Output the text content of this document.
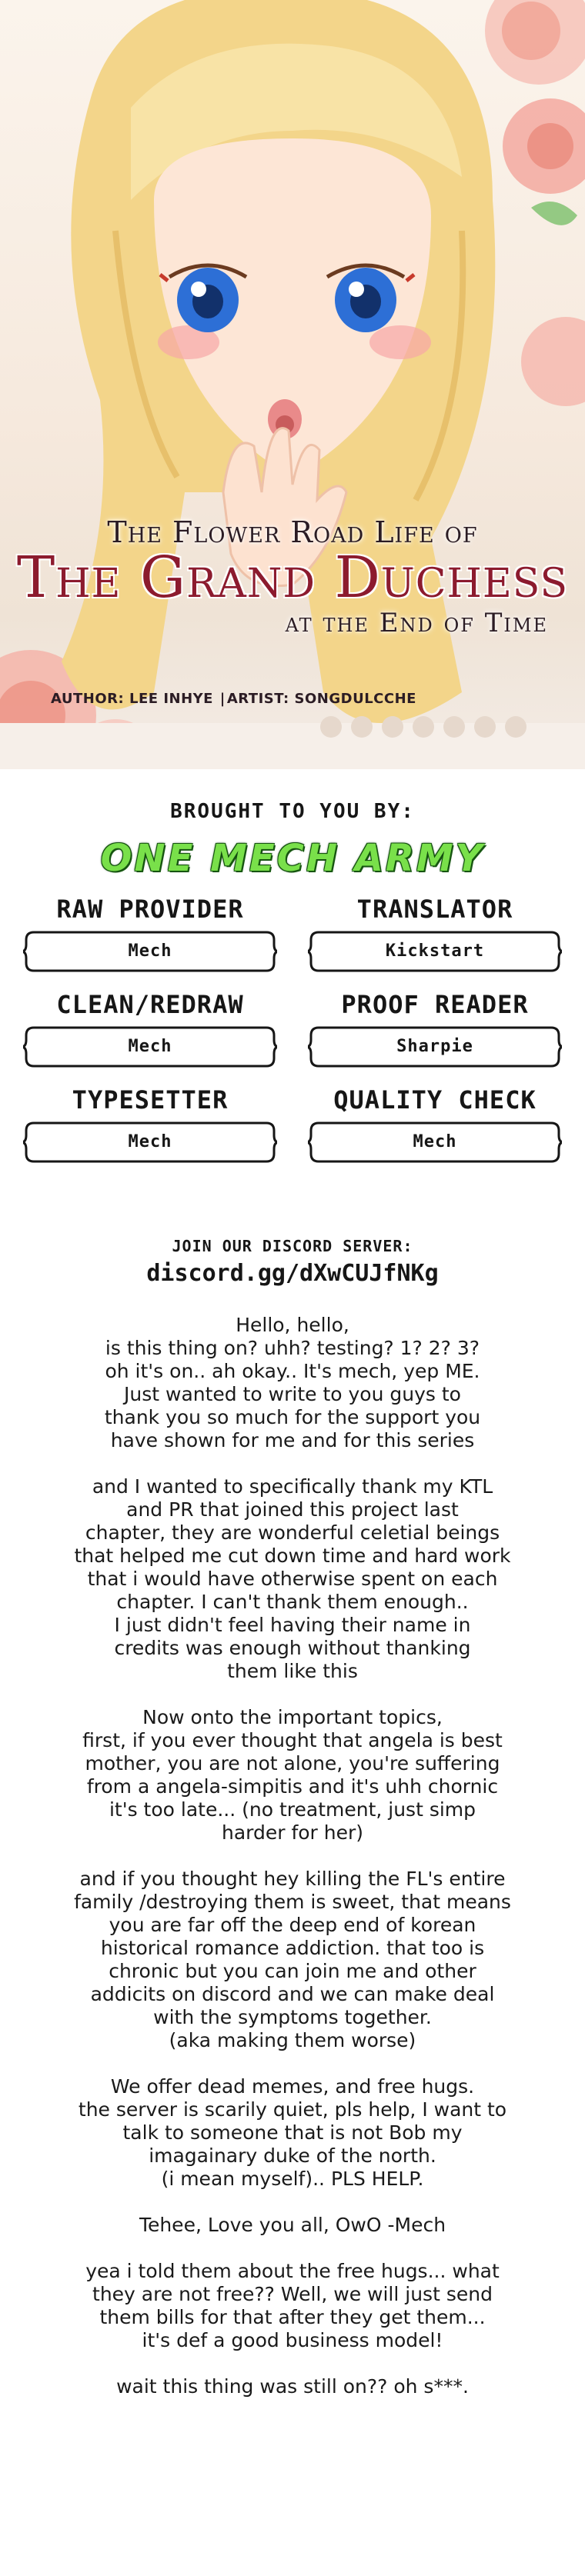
The Flower Road Life of
The Grand Duchess
at the End of Time
AUTHOR: LEE INHYE | ARTIST: SONGDULCCHE
BROUGHT TO YOU BY:
ONE MECH ARMY
RAW PROVIDER
Mech
TRANSLATOR
Kickstart
CLEAN/REDRAW
Mech
PROOF READER
Sharpie
TYPESETTER
Mech
QUALITY CHECK
Mech
JOIN OUR DISCORD SERVER:
discord.gg/dXwCUJfNKg

Hello, hello,
is this thing on? uhh? testing? 1? 2? 3?
oh it's on.. ah okay.. It's mech, yep ME.
Just wanted to write to you guys to
thank you so much for the support you
have shown for me and for this series

and I wanted to specifically thank my KTL
and PR that joined this project last
chapter, they are wonderful celetial beings
that helped me cut down time and hard work
that i would have otherwise spent on each
chapter. I can't thank them enough..
I just didn't feel having their name in
credits was enough without thanking
them like this

Now onto the important topics,
first, if you ever thought that angela is best
mother, you are not alone, you're suffering
from a angela-simpitis and it's uhh chornic
it's too late... (no treatment, just simp
harder for her)

and if you thought hey killing the FL's entire
family /destroying them is sweet, that means
you are far off the deep end of korean
historical romance addiction. that too is
chronic but you can join me and other
addicits on discord and we can make deal
with the symptoms together.
(aka making them worse)

We offer dead memes, and free hugs.
the server is scarily quiet, pls help, I want to
talk to someone that is not Bob my
imagainary duke of the north.
(i mean myself).. PLS HELP.

Tehee, Love you all, OwO -Mech

yea i told them about the free hugs... what
they are not free?? Well, we will just send
them bills for that after they get them...
it's def a good business model!

wait this thing was still on?? oh s***.
